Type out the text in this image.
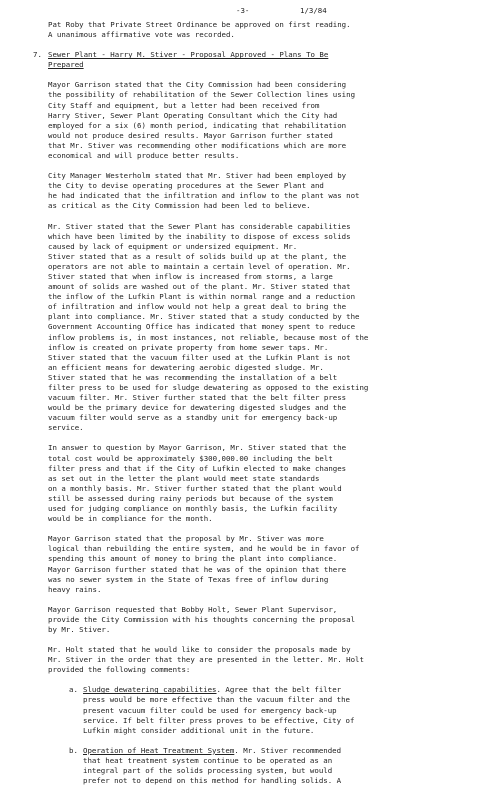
-3-	1/3/84

Pat Roby that Private Street Ordinance be approved on first reading.
A unanimous affirmative vote was recorded.

7. Sewer Plant - Harry M. Stiver - Proposal Approved - Plans To Be
Prepared

Mayor Garrison stated that the City Commission had been considering
the possibility of rehabilitation of the Sewer Collection lines using
City Staff and equipment, but a letter had been received from
Harry Stiver, Sewer Plant Operating Consultant which the City had
employed for a six (6) month period, indicating that rehabilitation
would not produce desired results. Mayor Garrison further stated
that Mr. Stiver was recommending other modifications which are more
economical and will produce better results.

City Manager Westerholm stated that Mr. Stiver had been employed by
the City to devise operating procedures at the Sewer Plant and
he had indicated that the infiltration and inflow to the plant was not
as critical as the City Commission had been led to believe.

Mr. Stiver stated that the Sewer Plant has considerable capabilities
which have been limited by the inability to dispose of excess solids
caused by lack of equipment or undersized equipment. Mr.
Stiver stated that as a result of solids build up at the plant, the
operators are not able to maintain a certain level of operation. Mr.
Stiver stated that when inflow is increased from storms, a large
amount of solids are washed out of the plant. Mr. Stiver stated that
the inflow of the Lufkin Plant is within normal range and a reduction
of infiltration and inflow would not help a great deal to bring the
plant into compliance. Mr. Stiver stated that a study conducted by the
Government Accounting Office has indicated that money spent to reduce
inflow problems is, in most instances, not reliable, because most of the
inflow is created on private property from home sewer taps. Mr.
Stiver stated that the vacuum filter used at the Lufkin Plant is not
an efficient means for dewatering aerobic digested sludge. Mr.
Stiver stated that he was recommending the installation of a belt
filter press to be used for sludge dewatering as opposed to the existing
vacuum filter. Mr. Stiver further stated that the belt filter press
would be the primary device for dewatering digested sludges and the
vacuum filter would serve as a standby unit for emergency back-up
service.

In answer to question by Mayor Garrison, Mr. Stiver stated that the
total cost would be approximately $300,000.00 including the belt
filter press and that if the City of Lufkin elected to make changes
as set out in the letter the plant would meet state standards
on a monthly basis. Mr. Stiver further stated that the plant would
still be assessed during rainy periods but because of the system
used for judging compliance on monthly basis, the Lufkin facility
would be in compliance for the month.

Mayor Garrison stated that the proposal by Mr. Stiver was more
logical than rebuilding the entire system, and he would be in favor of
spending this amount of money to bring the plant into compliance.
Mayor Garrison further stated that he was of the opinion that there
was no sewer system in the State of Texas free of inflow during
heavy rains.

Mayor Garrison requested that Bobby Holt, Sewer Plant Supervisor,
provide the City Commission with his thoughts concerning the proposal
by Mr. Stiver.

Mr. Holt stated that he would like to consider the proposals made by
Mr. Stiver in the order that they are presented in the letter. Mr. Holt
provided the following comments:

a. Sludge dewatering capabilities. Agree that the belt filter
press would be more effective than the vacuum filter and the
present vacuum filter could be used for emergency back-up
service. If belt filter press proves to be effective, City of
Lufkin might consider additional unit in the future.

b. Operation of Heat Treatment System. Mr. Stiver recommended
that heat treatment system continue to be operated as an
integral part of the solids processing system, but would
prefer not to depend on this method for handling solids. A
